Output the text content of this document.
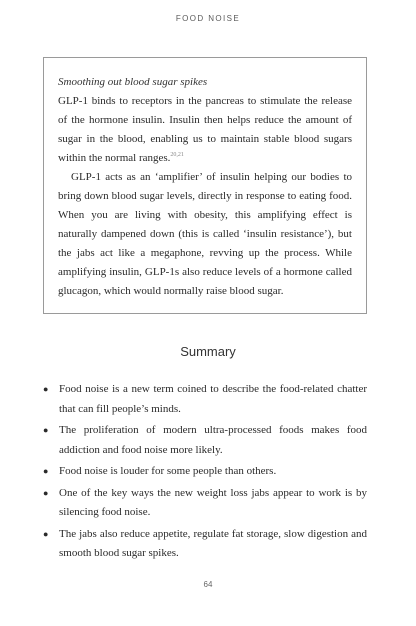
FOOD NOISE

Smoothing out blood sugar spikes

GLP-1 binds to receptors in the pancreas to stimulate the release of the hormone insulin. Insulin then helps reduce the amount of sugar in the blood, enabling us to maintain stable blood sugars within the normal ranges.$^{20,21}$

GLP-1 acts as an ‘amplifier’ of insulin helping our bodies to bring down blood sugar levels, directly in response to eating food. When you are living with obesity, this amplifying effect is naturally dampened down (this is called ‘insulin resistance’), but the jabs act like a megaphone, revving up the process. While amplifying insulin, GLP-1s also reduce levels of a hormone called glucagon, which would normally raise blood sugar.

Summary
● Food noise is a new term coined to describe the food-related chatter that can fill people’s minds.
● The proliferation of modern ultra-processed foods makes food addiction and food noise more likely.
● Food noise is louder for some people than others.
● One of the key ways the new weight loss jabs appear to work is by silencing food noise.
● The jabs also reduce appetite, regulate fat storage, slow digestion and smooth blood sugar spikes.
64
